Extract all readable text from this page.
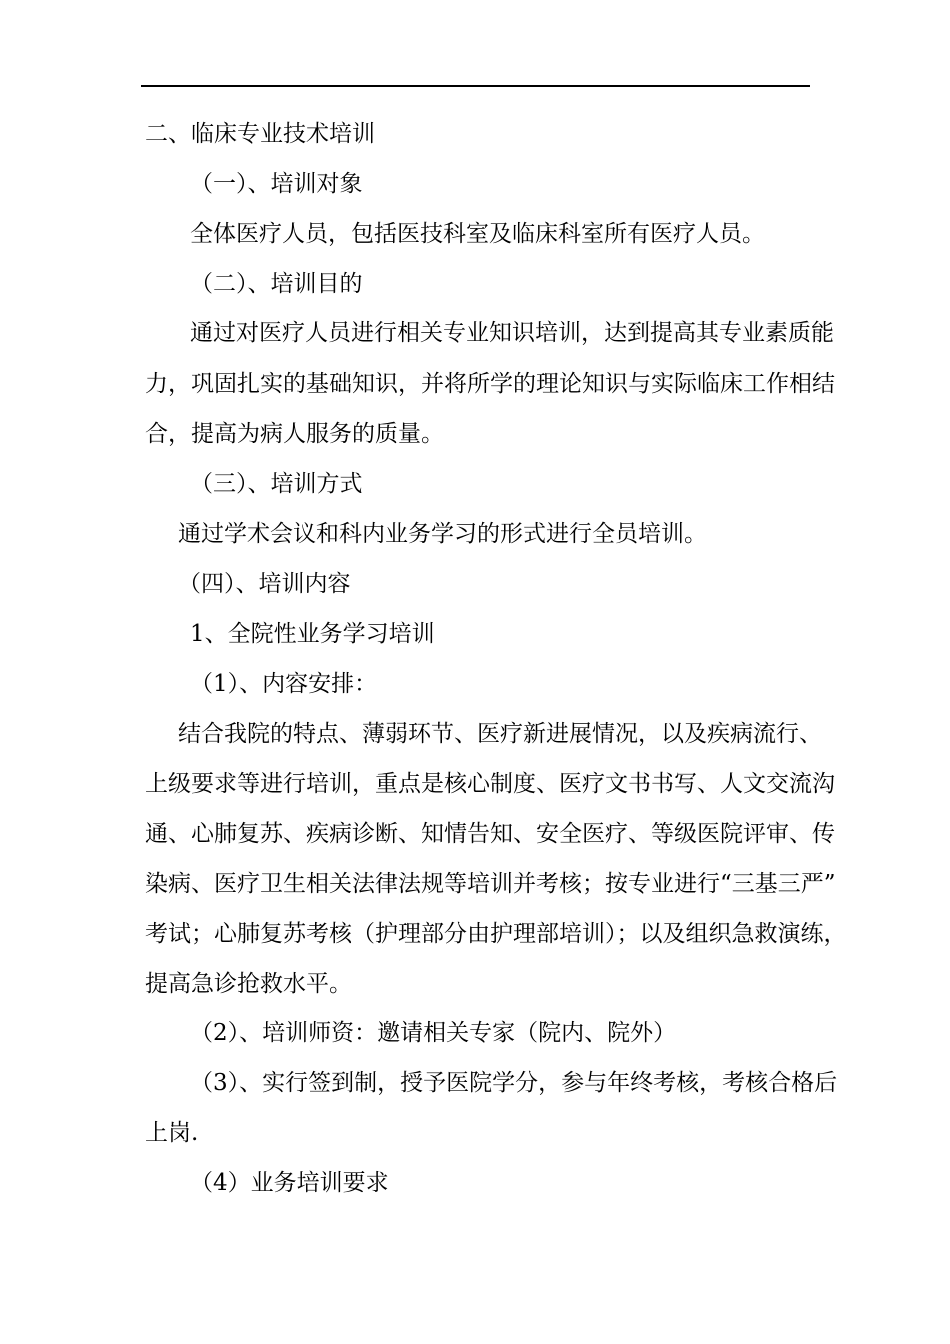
二、临床专业技术培训
（一）、培训对象
全体医疗人员，包括医技科室及临床科室所有医疗人员。
（二）、培训目的
通过对医疗人员进行相关专业知识培训，达到提高其专业素质能
力，巩固扎实的基础知识，并将所学的理论知识与实际临床工作相结
合，提高为病人服务的质量。
（三）、培训方式
通过学术会议和科内业务学习的形式进行全员培训。
（四）、培训内容
1、全院性业务学习培训
（1）、内容安排：
结合我院的特点、薄弱环节、医疗新进展情况，以及疾病流行、
上级要求等进行培训，重点是核心制度、医疗文书书写、人文交流沟
通、心肺复苏、疾病诊断、知情告知、安全医疗、等级医院评审、传
染病、医疗卫生相关法律法规等培训并考核；按专业进行“三基三严”
考试；心肺复苏考核（护理部分由护理部培训）；以及组织急救演练，
提高急诊抢救水平。
（2）、培训师资：邀请相关专家（院内、院外）
（3）、实行签到制，授予医院学分，参与年终考核，考核合格后
上岗.
（4）业务培训要求
